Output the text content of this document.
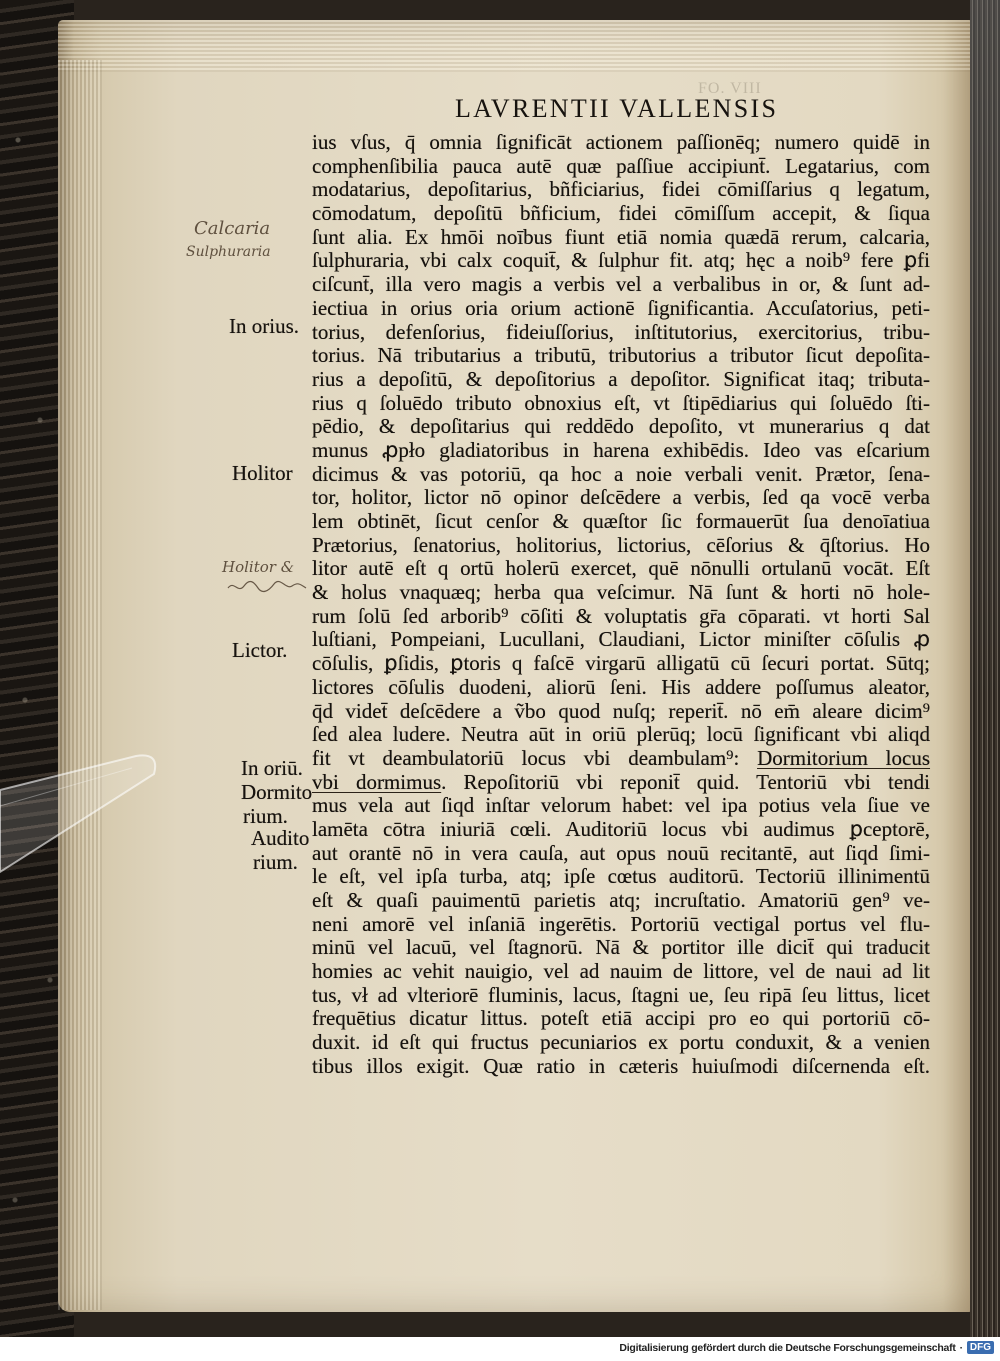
FO. VIII
LAVRENTII VALLENSIS
ius vſus, q̄ omnia ſignificāt actionem paſſionēq; numero quidē in
comphenſibilia pauca autē quæ paſſiue accipiunt̄. Legatarius, com
modatarius, depoſitarius, bñficiarius, fidei cōmiſſarius q legatum,
cōmodatum, depoſitū bñficium, fidei cōmiſſum accepit, & ſiqua
ſunt alia. Ex hmōi noībus fiunt etiā nomia quædā rerum, calcaria,
ſulphuraria, vbi calx coquit̄, & ſulphur fit. atq; hęc a noib⁹ fere ꝑfi
ciſcunt̄, illa vero magis a verbis vel a verbalibus in or, & ſunt ad-
iectiua in orius oria orium actionē ſignificantia. Accuſatorius, peti-
torius, defenſorius, fideiuſſorius, inſtitutorius, exercitorius, tribu-
torius. Nā tributarius a tributū, tributorius a tributor ſicut depoſita-
rius a depoſitū, & depoſitorius a depoſitor. Significat itaq; tributa-
rius q ſoluēdo tributo obnoxius eſt, vt ſtipēdiarius qui ſoluēdo ſti-
pēdio, & depoſitarius qui reddēdo depoſito, vt munerarius q dat
munus ꝓpło gladiatoribus in harena exhibēdis. Ideo vas eſcarium
dicimus & vas potoriū, qa hoc a noie verbali venit. Prætor, ſena-
tor, holitor, lictor nō opinor deſcēdere a verbis, ſed qa vocē verba
lem obtinēt, ſicut cenſor & quæſtor ſic formauerūt ſua denoīatiua
Prætorius, ſenatorius, holitorius, lictorius, cēſorius & q̄ſtorius. Ho
litor autē eſt q ortū holerū exercet, quē nōnulli ortulanū vocāt. Eſt
& holus vnaquæq; herba qua veſcimur. Nā ſunt & horti nō hole-
rum ſolū ſed arborib⁹ cōſiti & voluptatis gr̄a cōparati. vt horti Sal
luſtiani, Pompeiani, Lucullani, Claudiani, Lictor miniſter cōſulis ꝓ
cōſulis, ꝑſidis, ꝑtoris q faſcē virgarū alligatū cū ſecuri portat. Sūtq;
lictores cōſulis duodeni, aliorū ſeni. His addere poſſumus aleator,
q̄d videt̄ deſcēdere a ṽbo quod nuſq; reperit̄. nō em̄ aleare dicim⁹
ſed alea ludere. Neutra aūt in oriū plerūq; locū ſignificant vbi aliqd
fit vt deambulatoriū locus vbi deambulam⁹: Dormitorium locus
vbi dormimus. Repoſitoriū vbi reponit̄ quid. Tentoriū vbi tendi
mus vela aut ſiqd inſtar velorum habet: vel ipa potius vela ſiue ve
lamēta cōtra iniuriā cœli. Auditoriū locus vbi audimus ꝑceptorē,
aut orantē nō in vera cauſa, aut opus nouū recitantē, aut ſiqd ſimi-
le eſt, vel ipſa turba, atq; ipſe cœtus auditorū. Tectoriū illinimentū
eſt & quaſi pauimentū parietis atq; incruſtatio. Amatoriū gen⁹ ve-
neni amorē vel inſaniā ingerētis. Portoriū vectigal portus vel flu-
minū vel lacuū, vel ſtagnorū. Nā & portitor ille dicit̄ qui traducit
homies ac vehit nauigio, vel ad nauim de littore, vel de naui ad lit
tus, vł ad vlteriorē fluminis, lacus, ſtagni ue, ſeu ripā ſeu littus, licet
frequētius dicatur littus. poteſt etiā accipi pro eo qui portoriū cō-
duxit. id eſt qui fructus pecuniarios ex portu conduxit, & a venien
tibus illos exigit. Quæ ratio in cæteris huiuſmodi diſcernenda eſt.
In orius.
Holitor
Lictor.
In oriū.
Dormito
rium.
Audito
rium.
Calcaria
Sulphuraria
Holitor &
Digitalisierung gefördert durch die Deutsche Forschungsgemeinschaft · DFG
